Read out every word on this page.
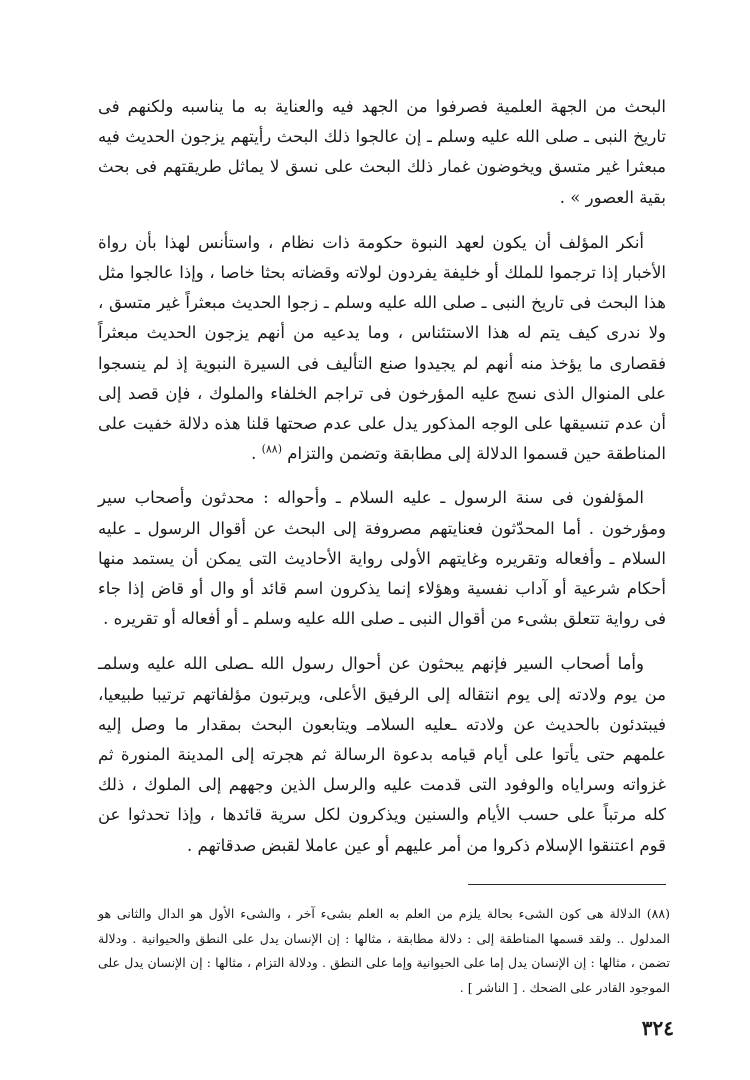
البحث من الجهة العلمية فصرفوا من الجهد فيه والعناية به ما يناسبه ولكنهم فى تاريخ النبى ـ صلى الله عليه وسلم ـ إن عالجوا ذلك البحث رأيتهم يزجون الحديث فيه مبعثرا غير متسق ويخوضون غمار ذلك البحث على نسق لا يماثل طريقتهم فى بحث بقية العصور » .

أنكر المؤلف أن يكون لعهد النبوة حكومة ذات نظام ، واستأنس لهذا بأن رواة الأخبار إذا ترجموا للملك أو خليفة يفردون لولاته وقضاته بحثا خاصا ، وإذا عالجوا مثل هذا البحث فى تاريخ النبى ـ صلى الله عليه وسلم ـ زجوا الحديث مبعثراً غير متسق ، ولا ندرى كيف يتم له هذا الاستئناس ، وما يدعيه من أنهم يزجون الحديث مبعثراً فقصارى ما يؤخذ منه أنهم لم يجيدوا صنع التأليف فى السيرة النبوية إذ لم ينسجوا على المنوال الذى نسج عليه المؤرخون فى تراجم الخلفاء والملوك ، فإن قصد إلى أن عدم تنسيقها على الوجه المذكور يدل على عدم صحتها قلنا هذه دلالة خفيت على المناطقة حين قسموا الدلالة إلى مطابقة وتضمن والتزام $^{(٨٨)}$ .

المؤلفون فى سنة الرسول ـ عليه السلام ـ وأحواله : محدثون وأصحاب سير ومؤرخون . أما المحدّثون فعنايتهم مصروفة إلى البحث عن أقوال الرسول ـ عليه السلام ـ وأفعاله وتقريره وغايتهم الأولى رواية الأحاديث التى يمكن أن يستمد منها أحكام شرعية أو آداب نفسية وهؤلاء إنما يذكرون اسم قائد أو وال أو قاض إذا جاء فى رواية تتعلق بشىء من أقوال النبى ـ صلى الله عليه وسلم ـ أو أفعاله أو تقريره .

وأما أصحاب السير فإنهم يبحثون عن أحوال رسول الله ـصلى الله عليه وسلمـ من يوم ولادته إلى يوم انتقاله إلى الرفيق الأعلى، ويرتبون مؤلفاتهم ترتيبا طبيعيا، فيبتدئون بالحديث عن ولادته ـعليه السلامـ ويتابعون البحث بمقدار ما وصل إليه علمهم حتى يأتوا على أيام قيامه بدعوة الرسالة ثم هجرته إلى المدينة المنورة ثم غزواته وسراياه والوفود التى قدمت عليه والرسل الذين وجههم إلى الملوك ، ذلك كله مرتباً على حسب الأيام والسنين ويذكرون لكل سرية قائدها ، وإذا تحدثوا عن قوم اعتنقوا الإسلام ذكروا من أمر عليهم أو عين عاملا لقبض صدقاتهم .

(٨٨) الدلالة هى كون الشىء بحالة يلزم من العلم به العلم بشىء آخر ، والشىء الأول هو الدال والثانى هو المدلول .. ولقد قسمها المناطقة إلى : دلالة مطابقة ، مثالها : إن الإنسان يدل على النطق والحيوانية . ودلالة تضمن ، مثالها : إن الإنسان يدل إما على الحيوانية وإما على النطق . ودلالة التزام ، مثالها : إن الإنسان يدل على الموجود القادر على الضحك . [ الناشر ] .

٣٢٤
